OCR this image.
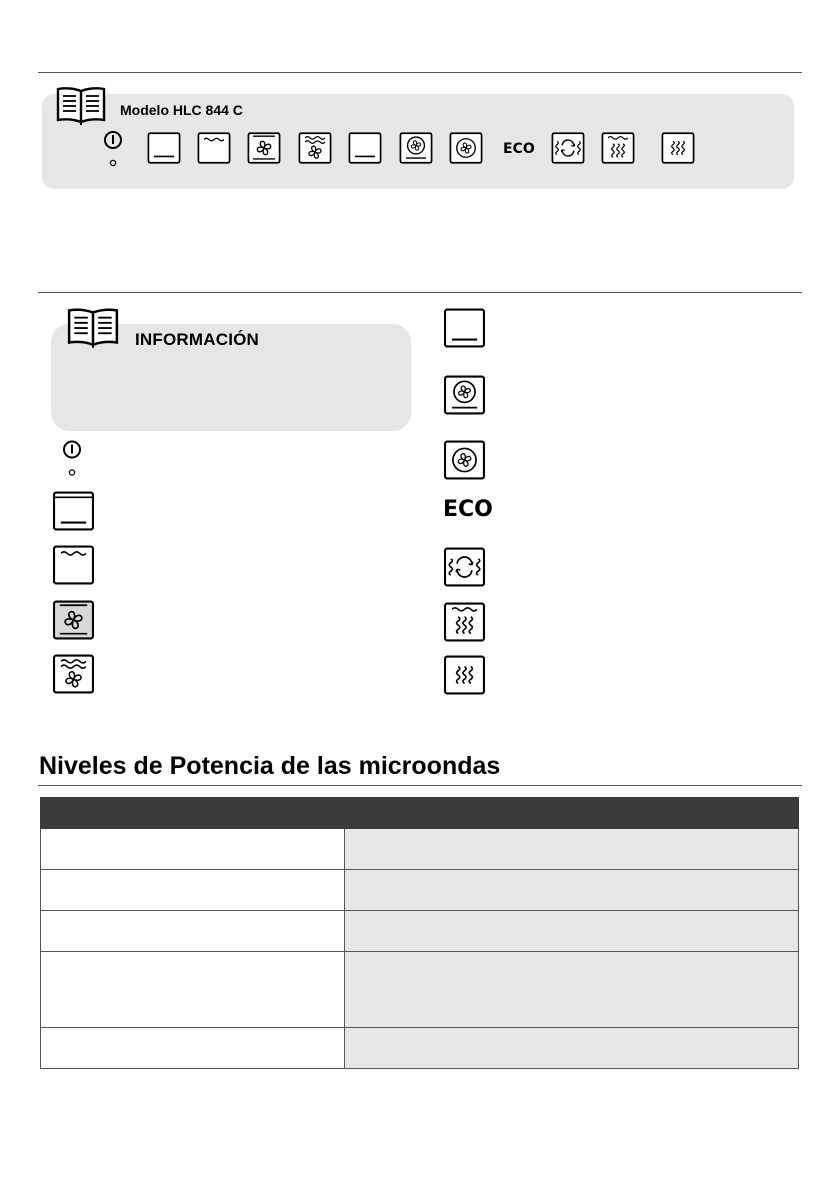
Modelo HLC 844 C
ECO
INFORMACIÓN
ECO
Niveles de Potencia de las microondas
